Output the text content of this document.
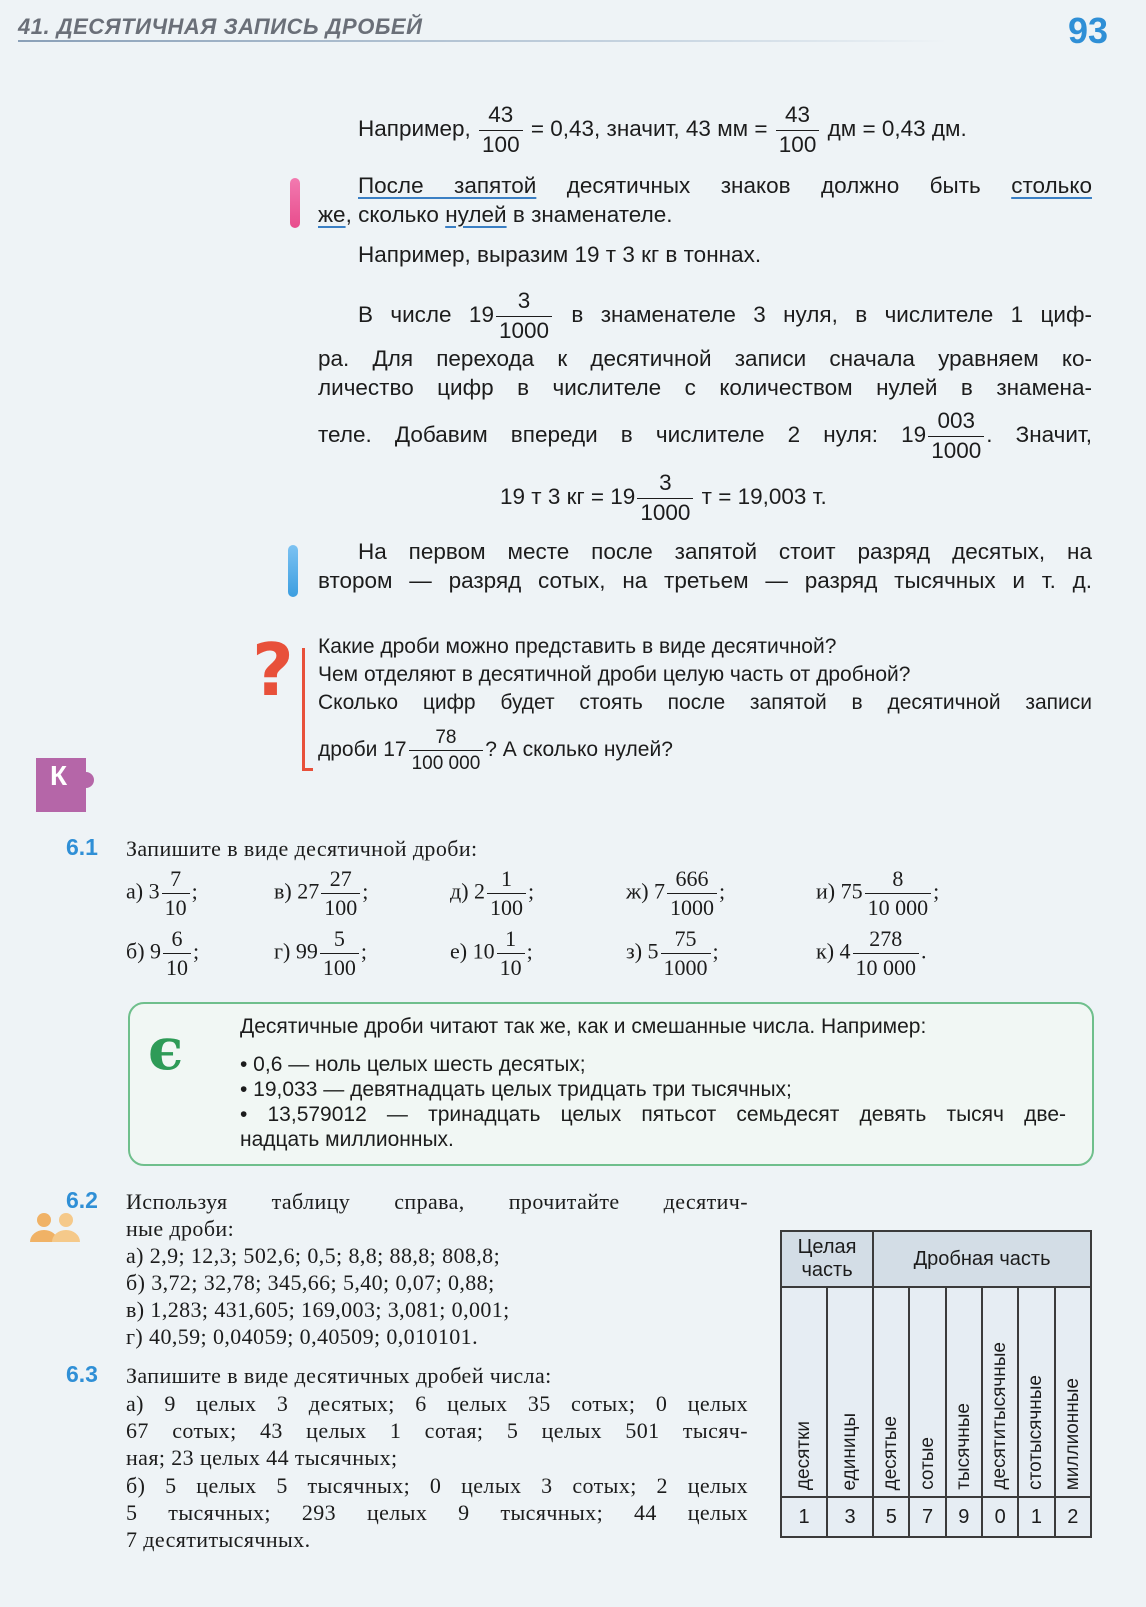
41. ДЕСЯТИЧНАЯ ЗАПИСЬ ДРОБЕЙ	93
Например, $\frac{43}{100} = 0,43$, значит, 43 мм = $\frac{43}{100}$ дм = 0,43 дм.
После запятой десятичных знаков должно быть столько
же, сколько нулей в знаменателе.
Например, выразим 19 т 3 кг в тоннах.
В числе $19 \frac{3}{1000}$ в знаменателе 3 нуля, в числителе 1 циф-
ра. Для перехода к десятичной записи сначала уравняем ко-
личество цифр в числителе с количеством нулей в знамена-
теле. Добавим впереди в числителе 2 нуля: $19 \frac{003}{1000}$ . Значит,
19 т 3 кг = $19 \frac{3}{1000}$ т = 19,003 т.
На первом месте после запятой стоит разряд десятых, на
втором — разряд сотых, на третьем — разряд тысячных и т. д.
? Какие дроби можно представить в виде десятичной?
Чем отделяют в десятичной дроби целую часть от дробной?
Сколько цифр будет стоять после запятой в десятичной записи
дроби $17 \frac{78}{100 000}$ ? А сколько нулей?
К
6.1 Запишите в виде десятичной дроби:
а) $3 \frac{7}{10}$ ;	в) $27 \frac{27}{100}$ ;	д) $2 \frac{1}{100}$ ;	ж) $7 \frac{666}{1000}$ ;	и) $75 \frac{8}{10 000}$ ;
б) $9 \frac{6}{10}$ ;	г) $99 \frac{5}{100}$ ;	е) $10 \frac{1}{10}$ ;	з) $5 \frac{75}{1000}$ ;	к) $4 \frac{278}{10 000}$ .
ϵ	Десятичные дроби читают так же, как и смешанные числа. Например:
• 0,6 — ноль целых шесть десятых;
• 19,033 — девятнадцать целых тридцать три тысячных;
• 13,579012 — тринадцать целых пятьсот семьдесят девять тысяч две-
надцать миллионных.
6.2 Используя таблицу справа, прочитайте десятич-
ные дроби:
а) 2,9; 12,3; 502,6; 0,5; 8,8; 88,8; 808,8;
б) 3,72; 32,78; 345,66; 5,40; 0,07; 0,88;
в) 1,283; 431,605; 169,003; 3,081; 0,001;
г) 40,59; 0,04059; 0,40509; 0,010101.
6.3 Запишите в виде десятичных дробей числа:
а) 9 целых 3 десятых; 6 целых 35 сотых; 0 целых
67 сотых; 43 целых 1 сотая; 5 целых 501 тысяч-
ная; 23 целых 44 тысячных;
б) 5 целых 5 тысячных; 0 целых 3 сотых; 2 целых
5 тысячных; 293 целых 9 тысячных; 44 целых
7 десятитысячных.
Целая
часть		Дробная часть					
десятки	единицы	десятые	сотые	тысячные	десятитысячные	стотысячные	миллионные
1	3	5	7	9	0	1	2
